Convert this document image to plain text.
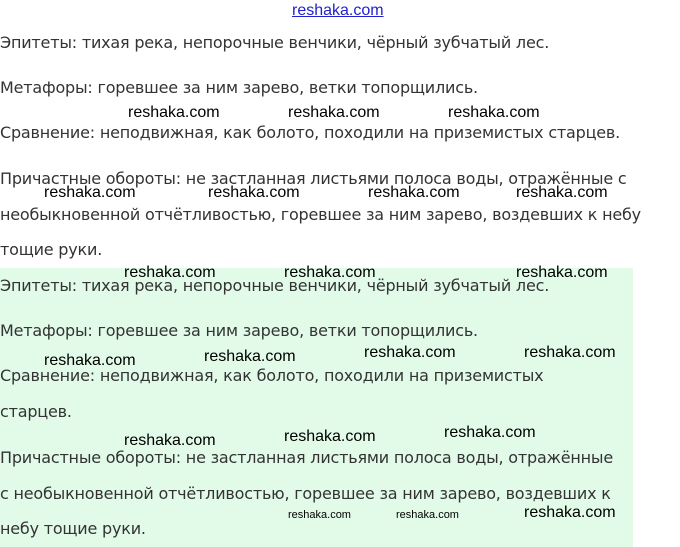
reshaka.com
Эпитеты: тихая река, непорочные венчики, чёрный зубчатый лес.
Метафоры: горевшее за ним зарево, ветки топорщились.
Сравнение: неподвижная, как болото, походили на приземистых старцев.
Причастные обороты: не застланная листьями полоса воды, отражённые с
необыкновенной отчётливостью, горевшее за ним зарево, воздевших к небу
тощие руки.
Эпитеты: тихая река, непорочные венчики, чёрный зубчатый лес.
Метафоры: горевшее за ним зарево, ветки топорщились.
Сравнение: неподвижная, как болото, походили на приземистых
старцев.
Причастные обороты: не застланная листьями полоса воды, отражённые
с необыкновенной отчётливостью, горевшее за ним зарево, воздевших к
небу тощие руки.
reshaka.com	reshaka.com	reshaka.com
reshaka.com	reshaka.com	reshaka.com	reshaka.com
reshaka.com	reshaka.com	reshaka.com
reshaka.com	reshaka.com	reshaka.com	reshaka.com
reshaka.com	reshaka.com	reshaka.com
reshaka.com	reshaka.com	reshaka.com
